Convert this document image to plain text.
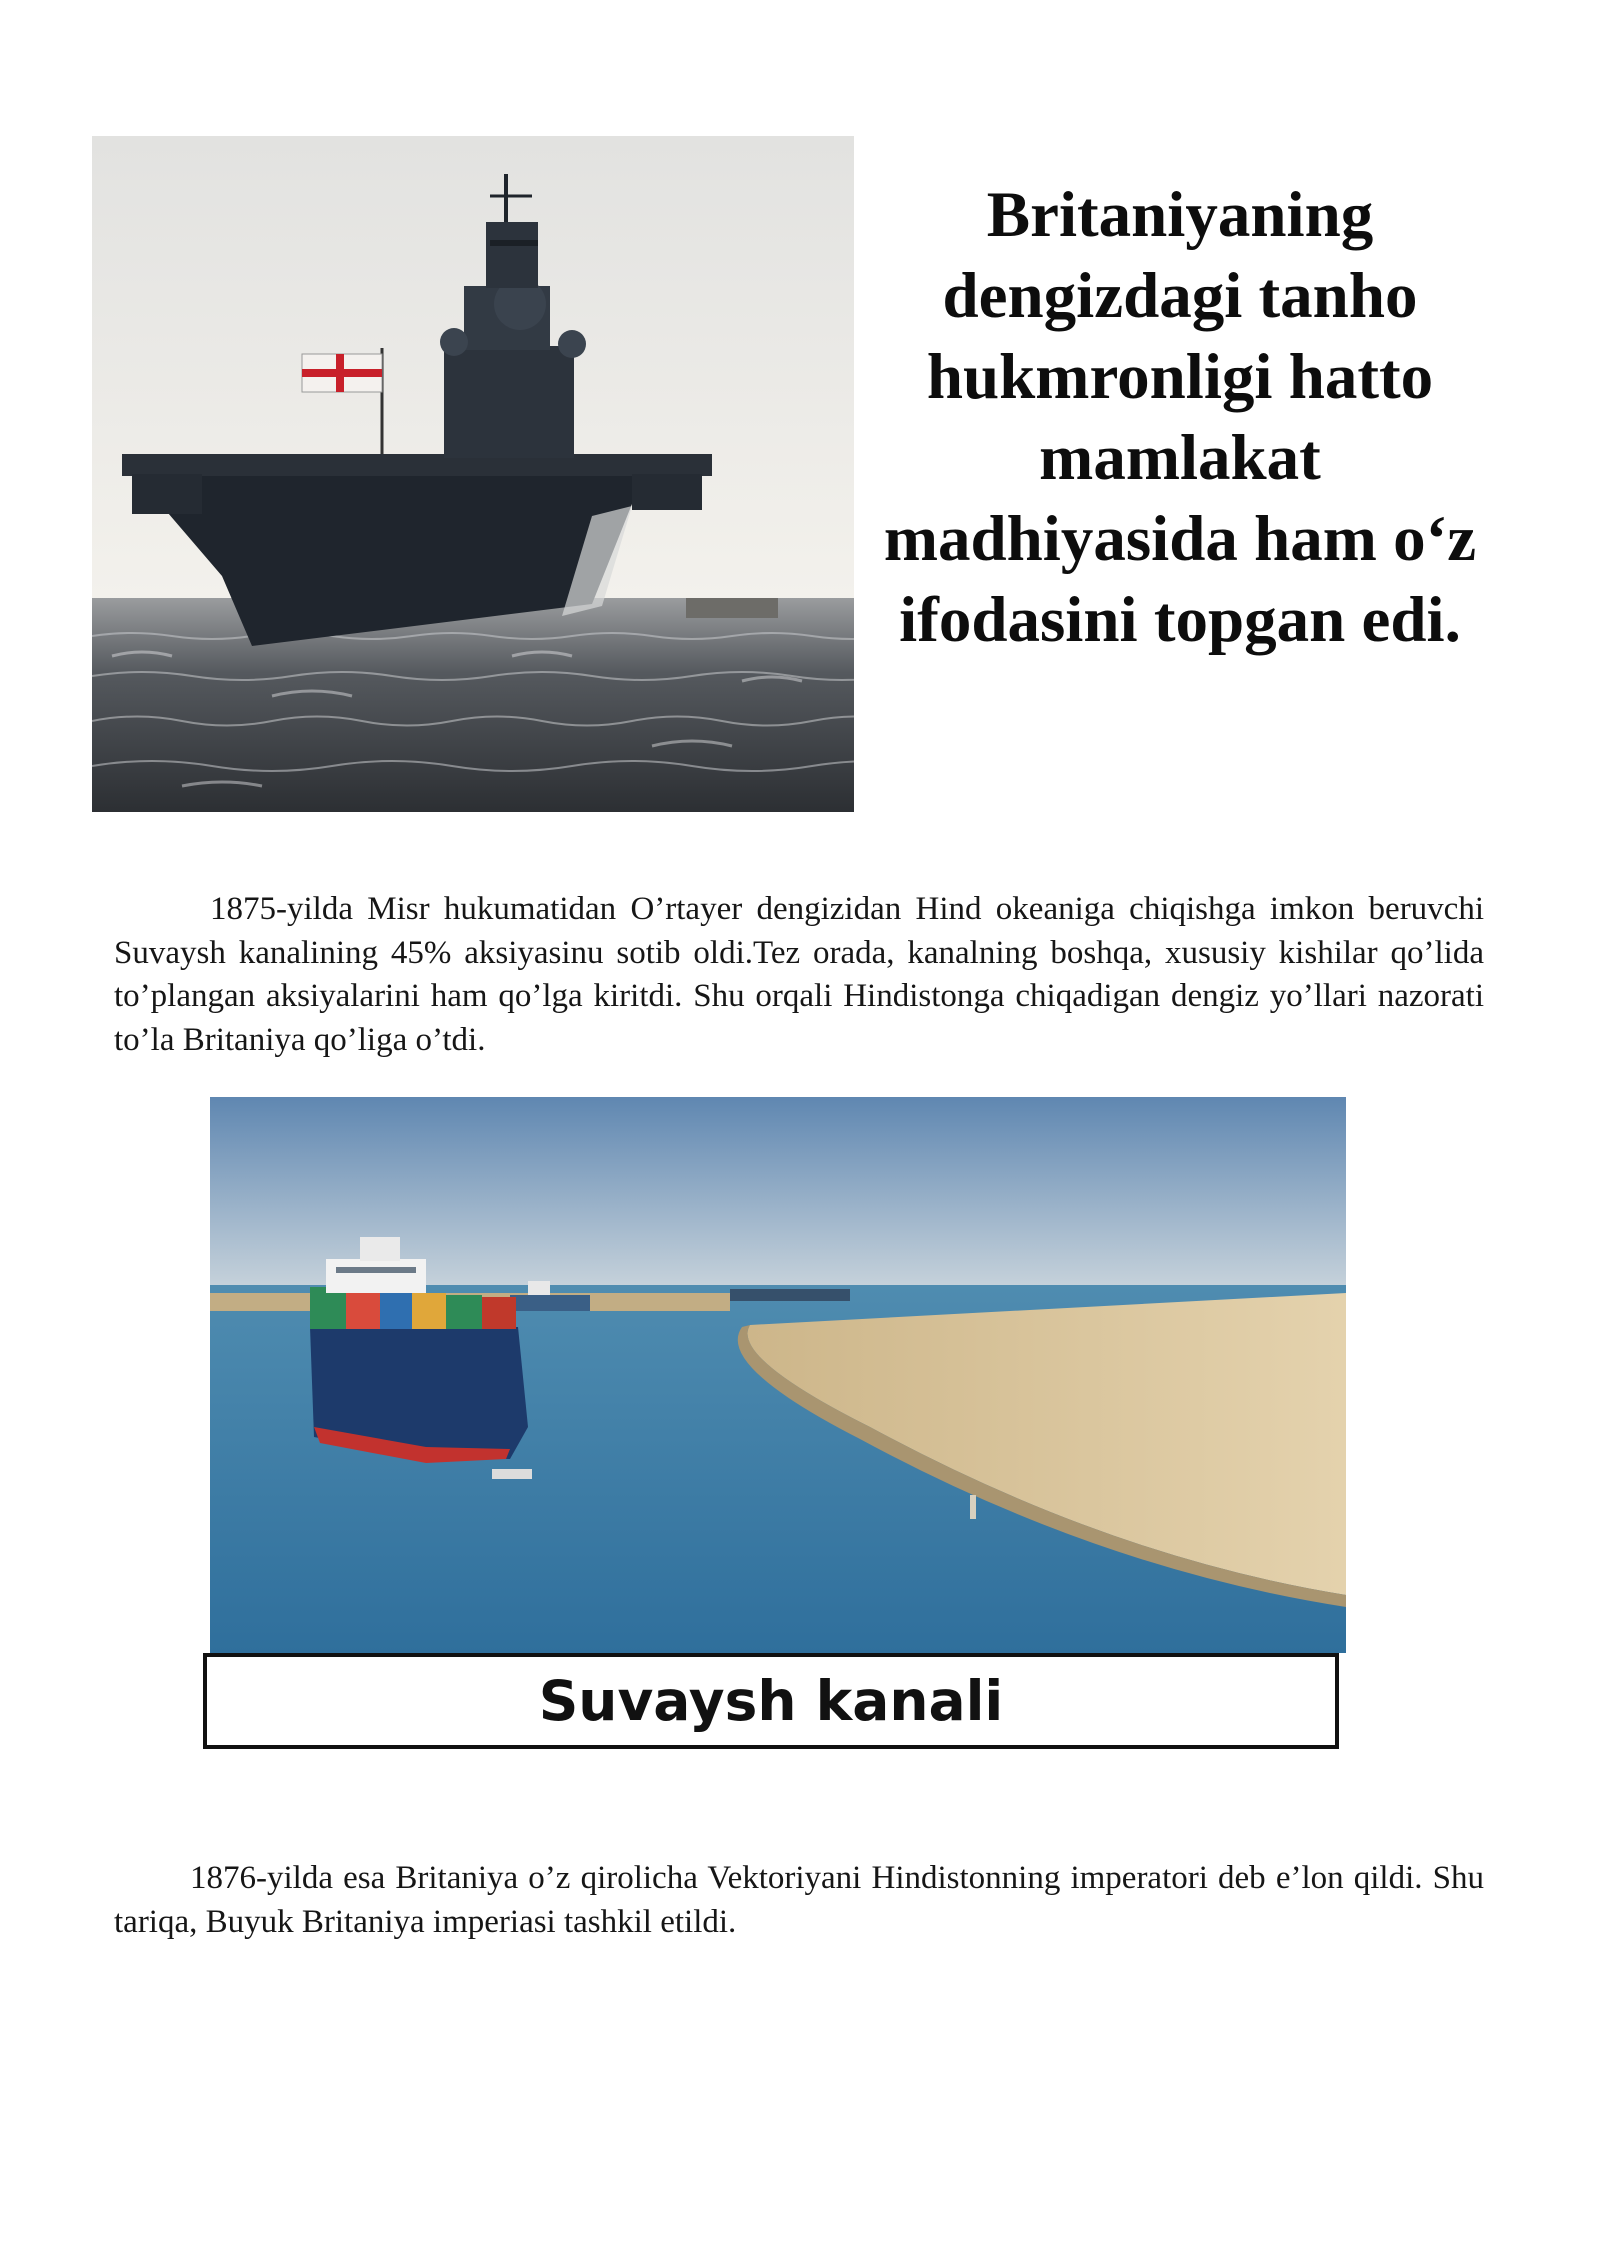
Britaniyaning dengizdagi tanho hukmronligi hatto mamlakat madhiyasida ham o‘z ifodasini topgan edi.

1875-yilda Misr hukumatidan O’rtayer dengizidan Hind okeaniga chiqishga imkon beruvchi Suvaysh kanalining 45% aksiyasinu sotib oldi.Tez orada, kanalning boshqa, xususiy kishilar qo’lida to’plangan aksiyalarini ham qo’lga kiritdi. Shu orqali Hindistonga chiqadigan dengiz yo’llari nazorati to’la Britaniya qo’liga o’tdi.

Suvaysh kanali

1876-yilda esa Britaniya o’z qirolicha Vektoriyani Hindistonning imperatori deb e’lon qildi. Shu tariqa, Buyuk Britaniya imperiasi tashkil etildi.
